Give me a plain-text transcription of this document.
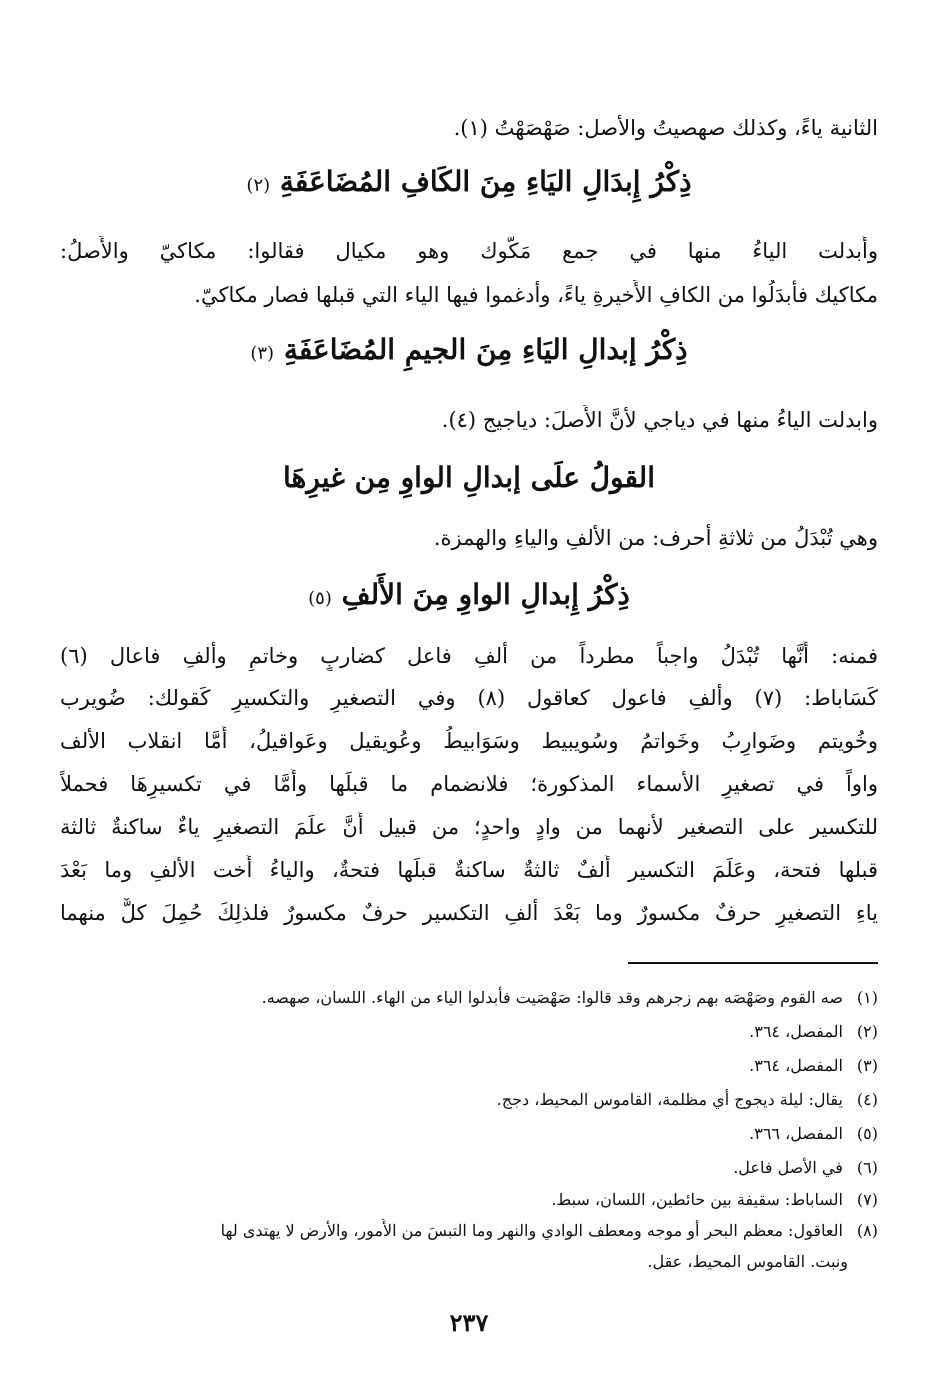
الثانية ياءً، وكذلك صهصيتُ والأصل: صَهْصَهْتُ (١).
ذِكْرُ إِبدَالِ اليَاءِ مِنَ الكَافِ المُضَاعَفَةِ (٢)
وأُبدلت الياءُ منها في جمع مَكُّوك وهو مكيال فقالوا: مكاكيّ والأَصلُ:
مكاكيك فأَبدَلُوا من الكافِ الأَخيرةِ ياءً، وأدغموا فيها الياء التي قبلها فصار مكاكيّ.
ذِكْرُ إبدالِ اليَاءِ مِنَ الجيمِ المُضَاعَفَةِ (٣)
وابدلت الياءُ منها في دياجي لأنَّ الأَصلَ: دياجيج (٤).
القولُ علَى إبدالِ الواوِ مِن غيرِهَا
وهي تُبْدَلُ من ثلاثةِ أحرف: من الألفِ والياءِ والهمزة.
ذِكْرُ إِبدالِ الواوِ مِنَ الأَلفِ (٥)
فمنه: أَنَّها تُبْدَلُ واجباً مطرداً من ألفِ فاعل كضاربٍ وخاتمٍ وألفِ فاعال (٦)
كَسَاباط: (٧) وألفِ فاعول كعاقول (٨) وفي التصغيرِ والتكسيرِ كَقولك: ضُويرب
وخُويتم وضَوارِبُ وخَواتمُ وسُويبيط وسَوَابيطُ وعُويقيل وعَواقيلُ، أَمَّا انقلاب الألف
واواً في تصغيرِ الأسماء المذكورة؛ فلانضمام ما قبلَها وأَمَّا في تكسيرِهَا فحملاً
للتكسير على التصغير لأنهما من وادٍ واحدٍ؛ من قبيل أَنَّ علَمَ التصغيرِ ياءٌ ساكنةٌ ثالثة
قبلها فتحة، وعَلَمَ التكسير أَلفٌ ثالثةٌ ساكنةٌ قبلَها فتحةٌ، والياءُ أُخت الألفِ وما بَعْدَ
ياءِ التصغيرِ حرفٌ مكسورٌ وما بَعْدَ ألفِ التكسير حرفٌ مكسورٌ فلذلِكَ حُمِلَ كلٌّ منهما
(١) صه القوم وصَهْصَه بهم زجرهم وقد قالوا: صَهْصَيت فأبدلوا الياء من الهاء. اللسان، صهصه.
(٢) المفصل، ٣٦٤.
(٣) المفصل، ٣٦٤.
(٤) يقال: ليلة ديجوج أي مظلمة، القاموس المحيط، دجج.
(٥) المفصل، ٣٦٦.
(٦) في الأصل فاعل.
(٧) الساباط: سقيفة بين حائطين، اللسان، سبط.
(٨) العاقول: معظم البحر أو موجه ومعطف الوادي والنهر وما التبسَ من الأُمور، والأرض لا يهتدى لها
ونبت. القاموس المحيط، عقل.
٢٣٧
